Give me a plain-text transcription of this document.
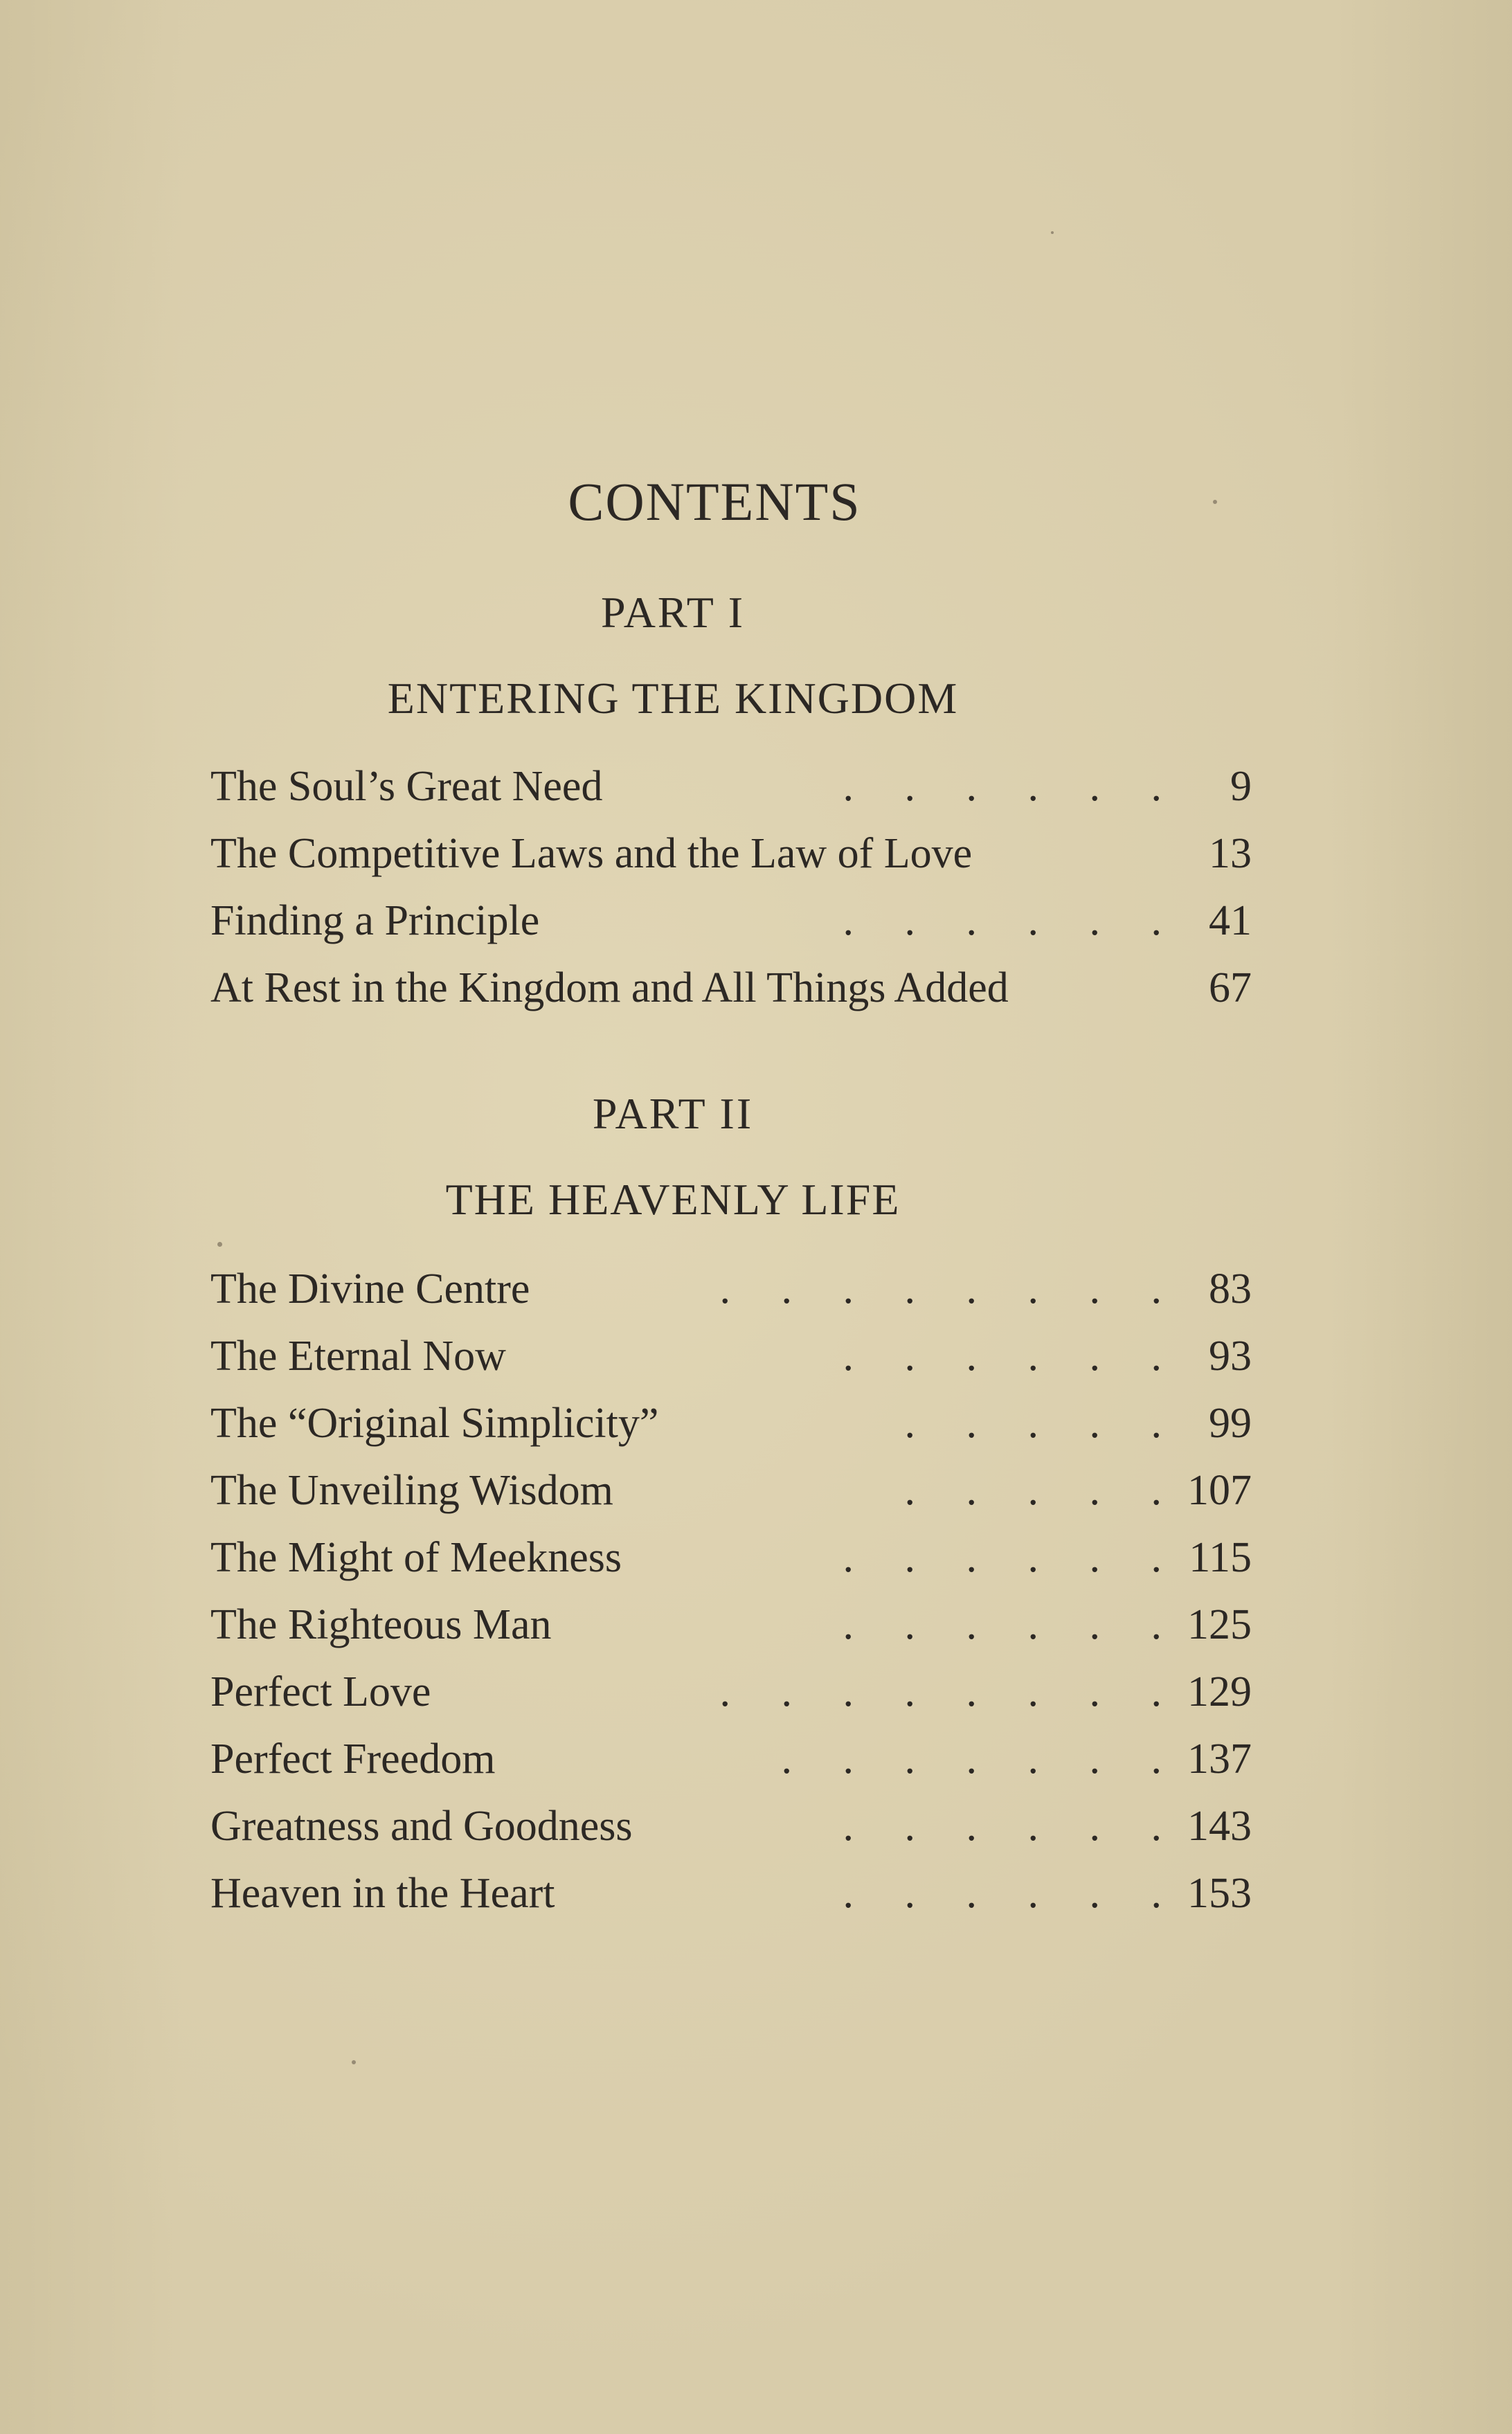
CONTENTS
PART I
ENTERING THE KINGDOM
The Soul’s Great Need	. . . . . . 9
The Competitive Laws and the Law of Love	13
Finding a Principle	. . . . . . 41
At Rest in the Kingdom and All Things Added	67
PART II
THE HEAVENLY LIFE
The Divine Centre	. . . . . . . . 83
The Eternal Now	. . . . . . 93
The “Original Simplicity”	. . . . . 99
The Unveiling Wisdom	. . . . . 107
The Might of Meekness	. . . . . . 115
The Righteous Man	. . . . . . 125
Perfect Love	. . . . . . . . 129
Perfect Freedom	. . . . . . . 137
Greatness and Goodness	. . . . . . 143
Heaven in the Heart	. . . . . . 153
